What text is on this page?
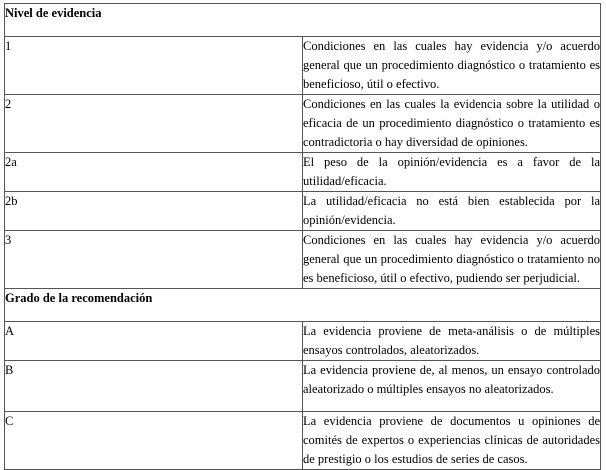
Nivel de evidencia	
1	Condiciones en las cuales hay evidencia y/o acuerdo general que un procedimiento diagnóstico o tratamiento es beneficioso, útil o efectivo.
2	Condiciones en las cuales la evidencia sobre la utilidad o eficacia de un procedimiento diagnóstico o tratamiento es contradictoria o hay diversidad de opiniones.
2a	El peso de la opinión/evidencia es a favor de la utilidad/eficacia.
2b	La utilidad/eficacia no está bien establecida por la opinión/evidencia.
3	Condiciones en las cuales hay evidencia y/o acuerdo general que un procedimiento diagnóstico o tratamiento no es beneficioso, útil o efectivo, pudiendo ser perjudicial.
Grado de la recomendación	
A	La evidencia proviene de meta-análisis o de múltiples ensayos controlados, aleatorizados.
B	La evidencia proviene de, al menos, un ensayo controlado aleatorizado o múltiples ensayos no aleatorizados.
C	La evidencia proviene de documentos u opiniones de comités de expertos o experiencias clínicas de autoridades de prestigio o los estudios de series de casos.
